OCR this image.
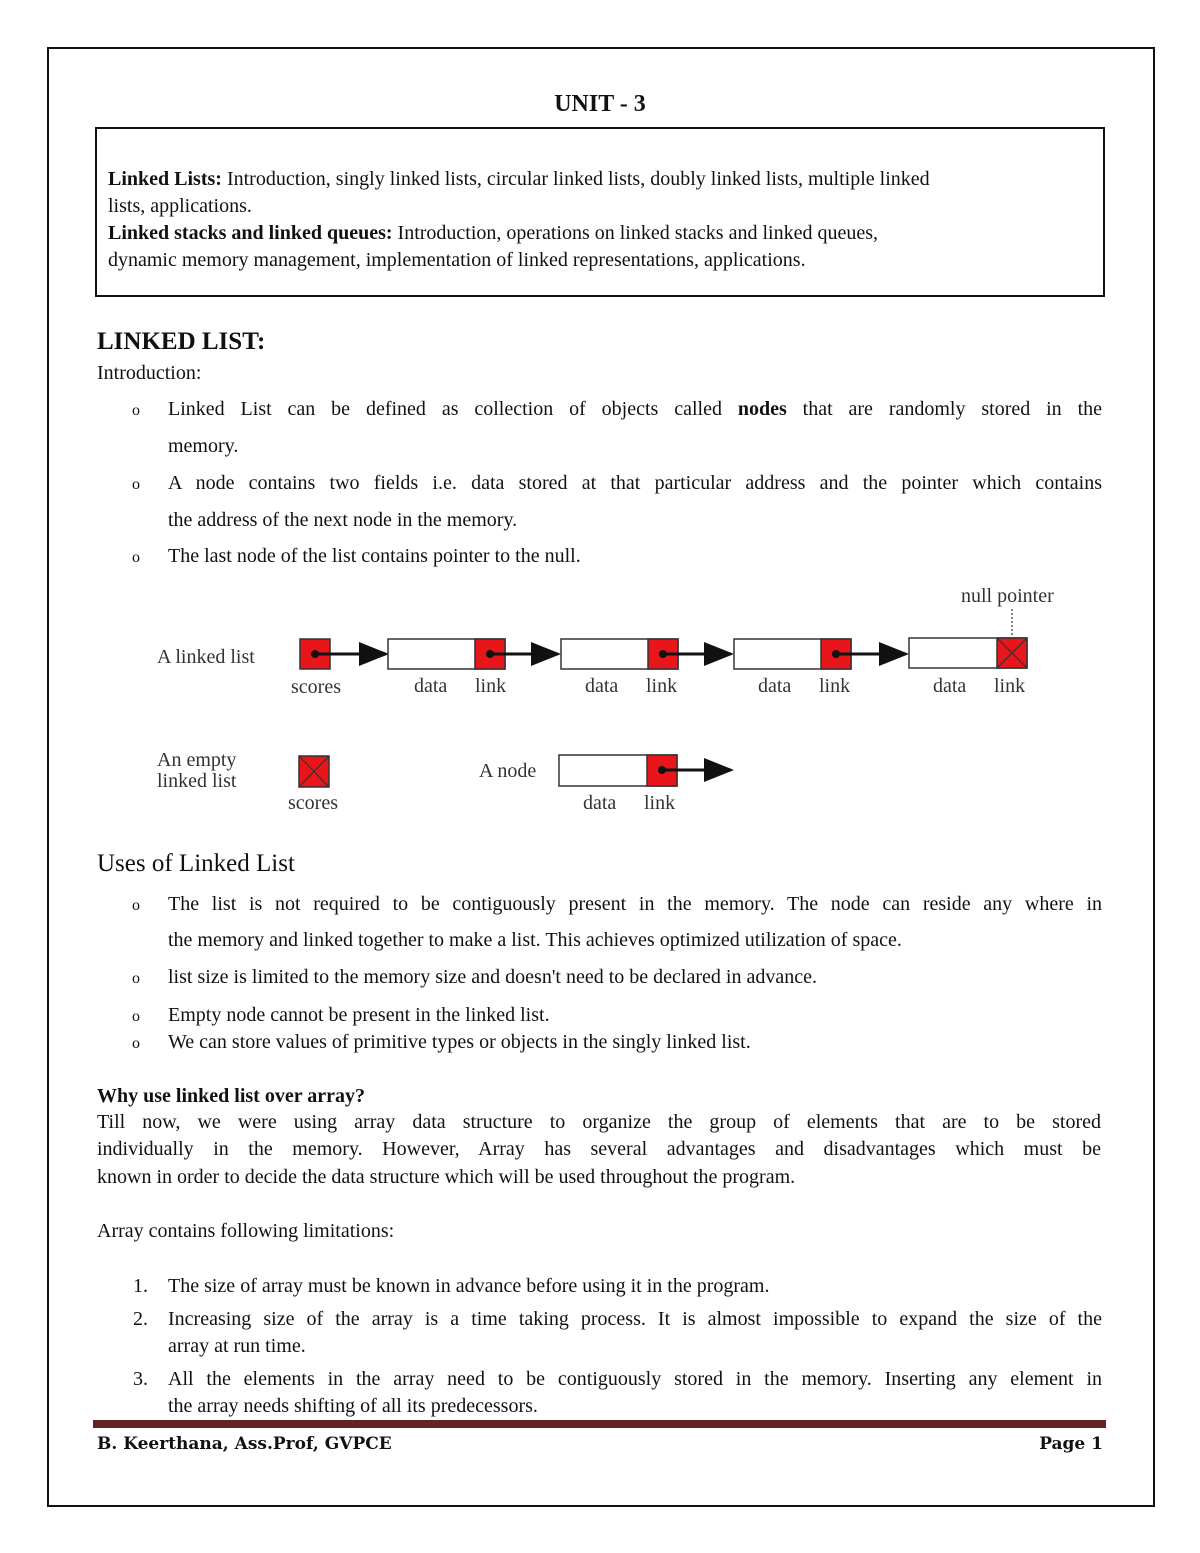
UNIT - 3
Linked Lists: Introduction, singly linked lists, circular linked lists, doubly linked lists, multiple linked
lists, applications.
Linked stacks and linked queues: Introduction, operations on linked stacks and linked queues,
dynamic memory management, implementation of linked representations, applications.
LINKED LIST:
Introduction:
o Linked List can be defined as collection of objects called nodes that are randomly stored in the
memory.
o A node contains two fields i.e. data stored at that particular address and the pointer which contains
the address of the next node in the memory.
o The last node of the list contains pointer to the null.
A linked list
null pointer
scores	data link	data link	data link	data link
An empty
linked list
scores
A node
data link
Uses of Linked List
o The list is not required to be contiguously present in the memory. The node can reside any where in
the memory and linked together to make a list. This achieves optimized utilization of space.
o list size is limited to the memory size and doesn't need to be declared in advance.
o Empty node cannot be present in the linked list.
o We can store values of primitive types or objects in the singly linked list.
Why use linked list over array?
Till now, we were using array data structure to organize the group of elements that are to be stored
individually in the memory. However, Array has several advantages and disadvantages which must be
known in order to decide the data structure which will be used throughout the program.
Array contains following limitations:
1. The size of array must be known in advance before using it in the program.
2. Increasing size of the array is a time taking process. It is almost impossible to expand the size of the
array at run time.
3. All the elements in the array need to be contiguously stored in the memory. Inserting any element in
the array needs shifting of all its predecessors.
B. Keerthana, Ass.Prof, GVPCE	Page 1
